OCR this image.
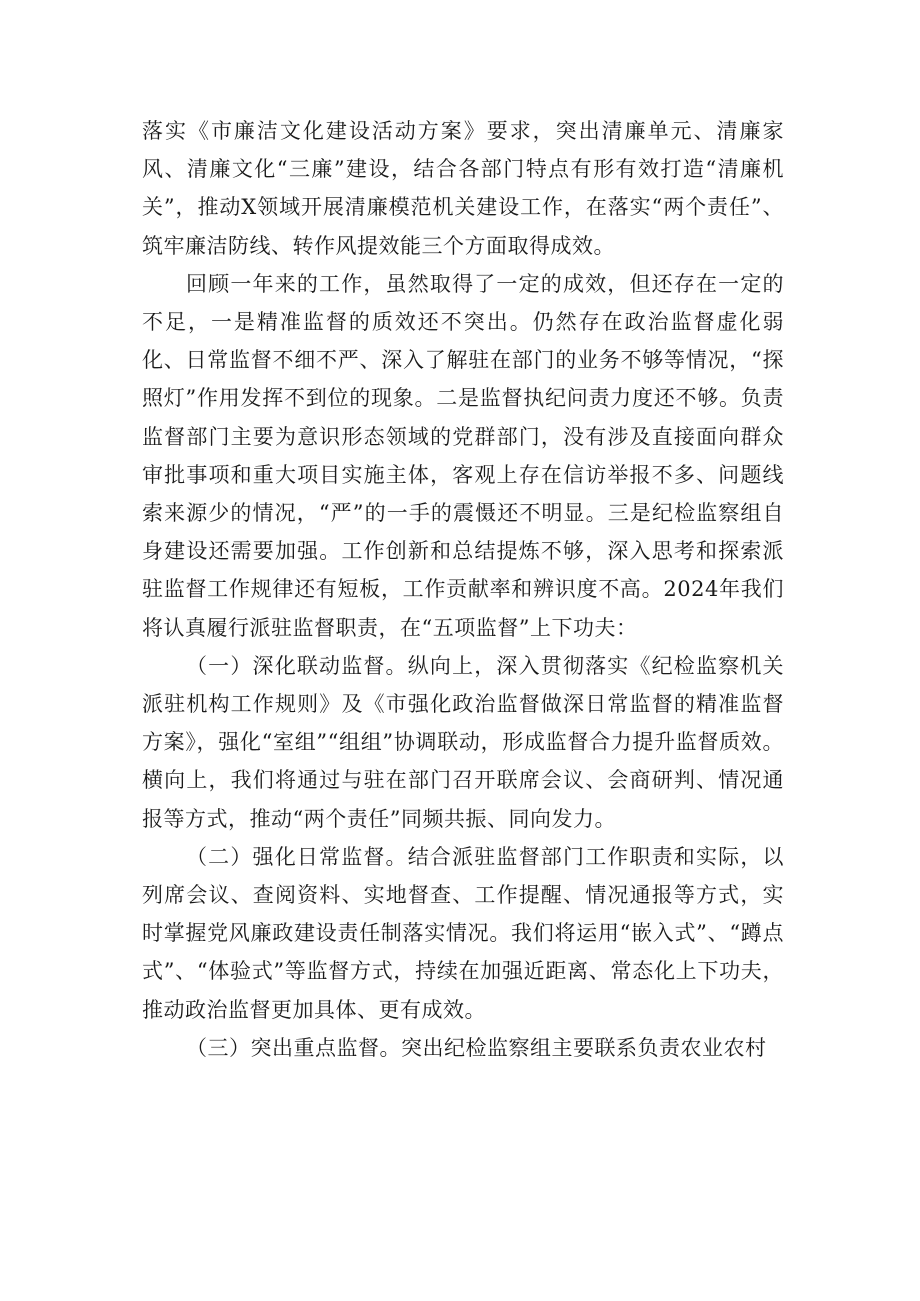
落实《市廉洁文化建设活动方案》要求，突出清廉单元、清廉家风、清廉文化“三廉”建设，结合各部门特点有形有效打造“清廉机关”，推动X领域开展清廉模范机关建设工作，在落实“两个责任”、筑牢廉洁防线、转作风提效能三个方面取得成效。

回顾一年来的工作，虽然取得了一定的成效，但还存在一定的不足，一是精准监督的质效还不突出。仍然存在政治监督虚化弱化、日常监督不细不严、深入了解驻在部门的业务不够等情况，“探照灯”作用发挥不到位的现象。二是监督执纪问责力度还不够。负责监督部门主要为意识形态领域的党群部门，没有涉及直接面向群众审批事项和重大项目实施主体，客观上存在信访举报不多、问题线索来源少的情况，“严”的一手的震慑还不明显。三是纪检监察组自身建设还需要加强。工作创新和总结提炼不够，深入思考和探索派驻监督工作规律还有短板，工作贡献率和辨识度不高。2024年我们将认真履行派驻监督职责，在“五项监督”上下功夫：

（一）深化联动监督。纵向上，深入贯彻落实《纪检监察机关派驻机构工作规则》及《市强化政治监督做深日常监督的精准监督方案》，强化“室组”“组组”协调联动，形成监督合力提升监督质效。横向上，我们将通过与驻在部门召开联席会议、会商研判、情况通报等方式，推动“两个责任”同频共振、同向发力。

（二）强化日常监督。结合派驻监督部门工作职责和实际，以列席会议、查阅资料、实地督查、工作提醒、情况通报等方式，实时掌握党风廉政建设责任制落实情况。我们将运用“嵌入式”、“蹲点式”、“体验式”等监督方式，持续在加强近距离、常态化上下功夫，推动政治监督更加具体、更有成效。

（三）突出重点监督。突出纪检监察组主要联系负责农业农村
